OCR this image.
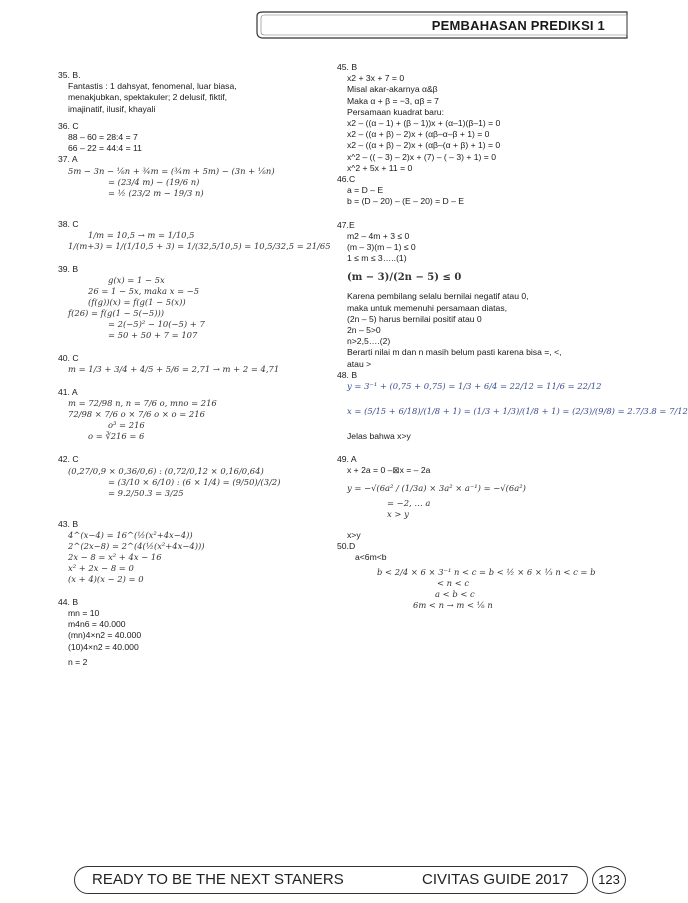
PEMBAHASAN PREDIKSI 1
35. B.
Fantastis : 1 dahsyat, fenomenal, luar biasa,
menakjubkan, spektakuler; 2 delusif, fiktif,
imajinatif, ilusif, khayali
36. C
88 – 60 = 28:4 = 7
66 – 22 = 44:4 = 11
37. A
5m − 3n − ⅙n + ¾m = (¾m + 5m) − (3n + ⅙n)
= (23/4 m) − (19/6 n)
= ½ (23/2 m − 19/3 n)
38. C
1/m = 10,5 → m = 1/10,5
1/(m+3) = 1/(1/10,5 + 3) = 1/(32,5/10,5) = 10,5/32,5 = 21/65
39. B
g(x) = 1 − 5x
26 = 1 − 5x, maka x = −5
(f(g))(x) = f(g(1 − 5(x))
f(26) = f(g(1 − 5(−5)))
= 2(−5)² − 10(−5) + 7
= 50 + 50 + 7 = 107
40. C
m = 1/3 + 3/4 + 4/5 + 5/6 = 2,71 → m + 2 = 4,71
41. A
m = 72/98 n, n = 7/6 o, mno = 216
72/98 × 7/6 o × 7/6 o × o = 216
o³ = 216
o = ∛216 = 6
42. C
(0,27/0,9 × 0,36/0,6) : (0,72/0,12 × 0,16/0,64)
= (3/10 × 6/10) : (6 × 1/4) = (9/50)/(3/2)
= 9.2/50.3 = 3/25
43. B
4^(x−4) = 16^(½(x²+4x−4))
2^(2x−8) = 2^(4(½(x²+4x−4)))
2x − 8 = x² + 4x − 16
x² + 2x − 8 = 0
(x + 4)(x − 2) = 0
44. B
mn = 10
m4n6 = 40.000
(mn)4×n2 = 40.000
(10)4×n2 = 40.000
n = 2
45. B
x2 + 3x + 7 = 0
Misal akar-akarnya α&β
Maka α + β = −3, αβ = 7
Persamaan kuadrat baru:
x2 – ((α – 1) + (β – 1))x + (α–1)(β–1) = 0
x2 – ((α + β) – 2)x + (αβ–α–β + 1) = 0
x2 – ((α + β) – 2)x + (αβ–(α + β) + 1) = 0
x^2 – (( – 3) – 2)x + (7) – ( – 3) + 1) = 0
x^2 + 5x + 11 = 0
46.C
a = D – E
b = (D – 20) – (E – 20) = D – E
47.E
m2 – 4m + 3 ≤ 0
(m – 3)(m – 1) ≤ 0
1 ≤ m ≤ 3…..(1)
(m − 3)/(2n − 5) ≤ 0
Karena pembilang selalu bernilai negatif atau 0,
maka untuk memenuhi persamaan diatas,
(2n – 5) harus bernilai positif atau 0
2n – 5>0
n>2,5….(2)
Berarti nilai m dan n masih belum pasti karena bisa =, <,
atau >
48. B
y = 3⁻¹ + (0,75 + 0,75) = 1/3 + 6/4 = 22/12 = 11/6 = 22/12
x = (5/15 + 6/18)/(1/8 + 1) = (1/3 + 1/3)/(1/8 + 1) = (2/3)/(9/8) = 2.7/3.8 = 7/12
Jelas bahwa x>y
49. A
x + 2a = 0 –⊠x = – 2a
y = −√(6a² / (1/3a) × 3a² × a⁻¹) = −√(6a²)
= −2, … a
x > y
x>y
50.D
a<6m<b
b < 2/4 × 6 × 3⁻¹ n < c = b < ½ × 6 × ⅓ n < c = b
< n < c
a < b < c
6m < n → m < ⅙ n
READY TO BE THE NEXT STANERS	CIVITAS GUIDE 2017	123
